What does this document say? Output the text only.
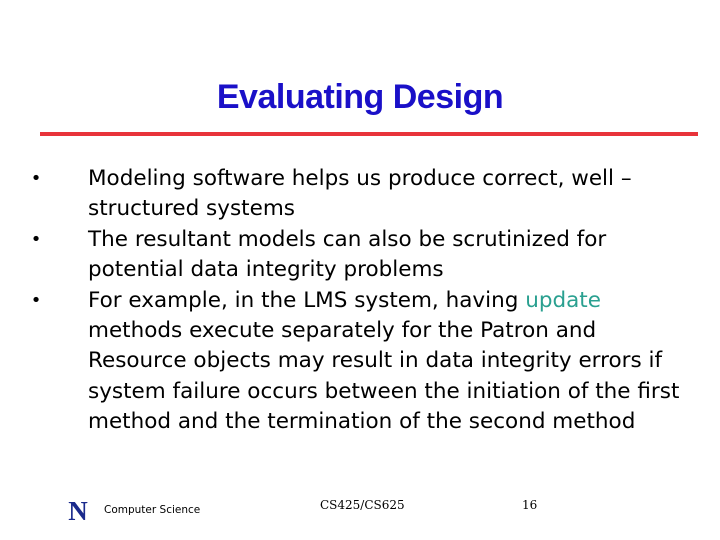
Evaluating Design
• Modeling software helps us produce correct, well – structured systems
• The resultant models can also be scrutinized for potential data integrity problems
• For example, in the LMS system, having update methods execute separately for the Patron and Resource objects may result in data integrity errors if system failure occurs between the initiation of the first method and the termination of the second method
N Computer Science	CS425/CS625	16
